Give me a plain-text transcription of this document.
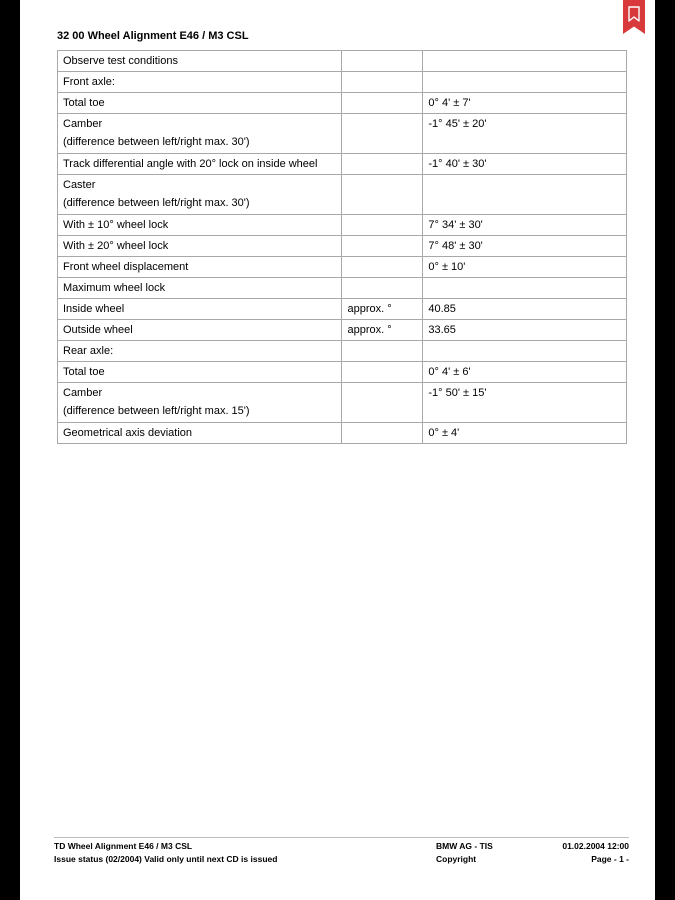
32 00 Wheel Alignment E46 / M3 CSL
Observe test conditions		
Front axle:		
Total toe		0° 4' ± 7'
Camber
(difference between left/right max. 30')		-1° 45' ± 20'
Track differential angle with 20° lock on inside wheel		-1° 40' ± 30'
Caster
(difference between left/right max. 30')		

With ± 10° wheel lock		7° 34' ± 30'
With ± 20° wheel lock		7° 48' ± 30'
Front wheel displacement		0° ± 10'
Maximum wheel lock		
Inside wheel	approx. °	40.85
Outside wheel	approx. °	33.65
Rear axle:		
Total toe		0° 4' ± 6'
Camber
(difference between left/right max. 15')		-1° 50' ± 15'
Geometrical axis deviation		0° ± 4'
TD Wheel Alignment E46 / M3 CSL	BMW AG - TIS	01.02.2004 12:00
Issue status (02/2004) Valid only until next CD is issued	Copyright	Page - 1 -
